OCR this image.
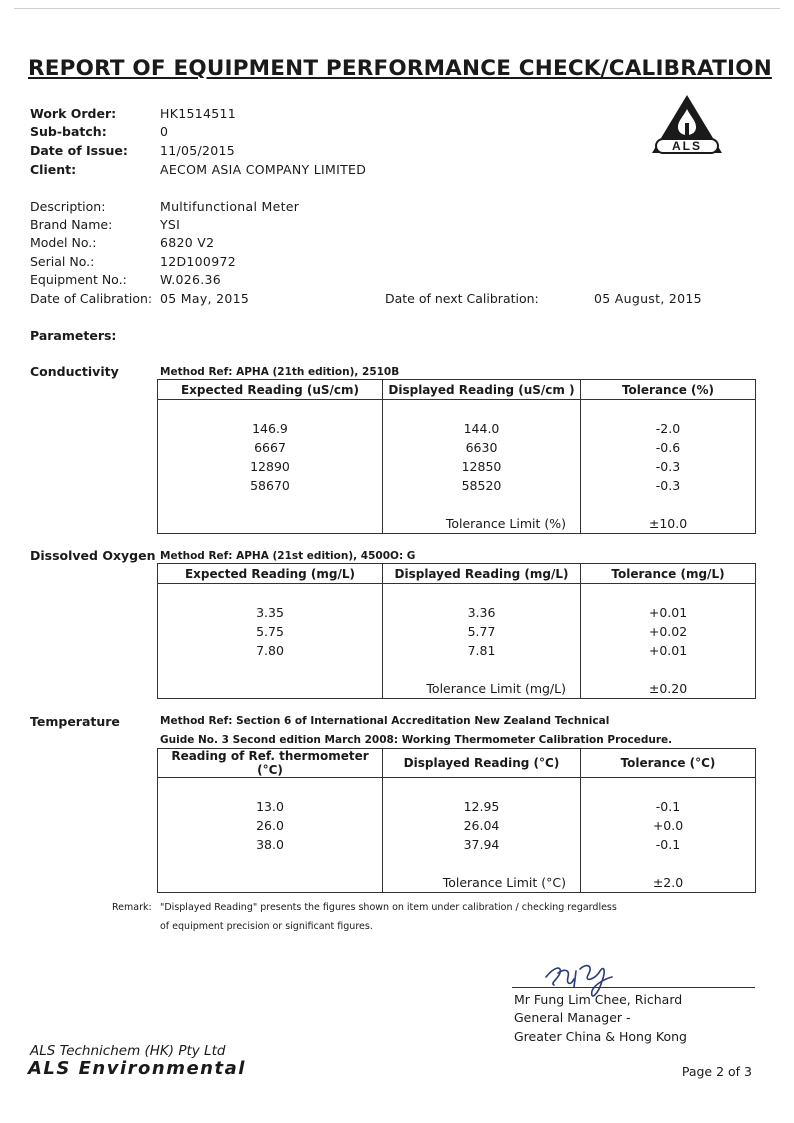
REPORT OF EQUIPMENT PERFORMANCE CHECK/CALIBRATION
ALS
Work Order:	HK1514511
Sub-batch:	0
Date of Issue:	11/05/2015
Client:	AECOM ASIA COMPANY LIMITED
Description:	Multifunctional Meter
Brand Name:	YSI
Model No.:	6820 V2
Serial No.:	12D100972
Equipment No.:	W.026.36
Date of Calibration: 05 May, 2015	Date of next Calibration:	05 August, 2015
Parameters:
Conductivity	Method Ref: APHA (21th edition), 2510B
Expected Reading (uS/cm)	Displayed Reading (uS/cm )	Tolerance (%)

146.9	144.0	-2.0
6667	6630	-0.6
12890	12850	-0.3
58670	58520	-0.3

	Tolerance Limit (%)	±10.0
Dissolved Oxygen Method Ref: APHA (21st edition), 4500O: G
Expected Reading (mg/L)	Displayed Reading (mg/L)	Tolerance (mg/L)

3.35	3.36	+0.01
5.75	5.77	+0.02
7.80	7.81	+0.01

	Tolerance Limit (mg/L)	±0.20
Temperature	Method Ref: Section 6 of International Accreditation New Zealand Technical
Guide No. 3 Second edition March 2008: Working Thermometer Calibration Procedure.
Reading of Ref. thermometer (°C)	Displayed Reading (°C)	Tolerance (°C)

13.0	12.95	-0.1
26.0	26.04	+0.0
38.0	37.94	-0.1

	Tolerance Limit (°C)	±2.0
Remark: "Displayed Reading" presents the figures shown on item under calibration / checking regardless
of equipment precision or significant figures.
Mr Fung Lim Chee, Richard
General Manager -
Greater China & Hong Kong
ALS Technichem (HK) Pty Ltd
ALS Environmental	Page 2 of 3
